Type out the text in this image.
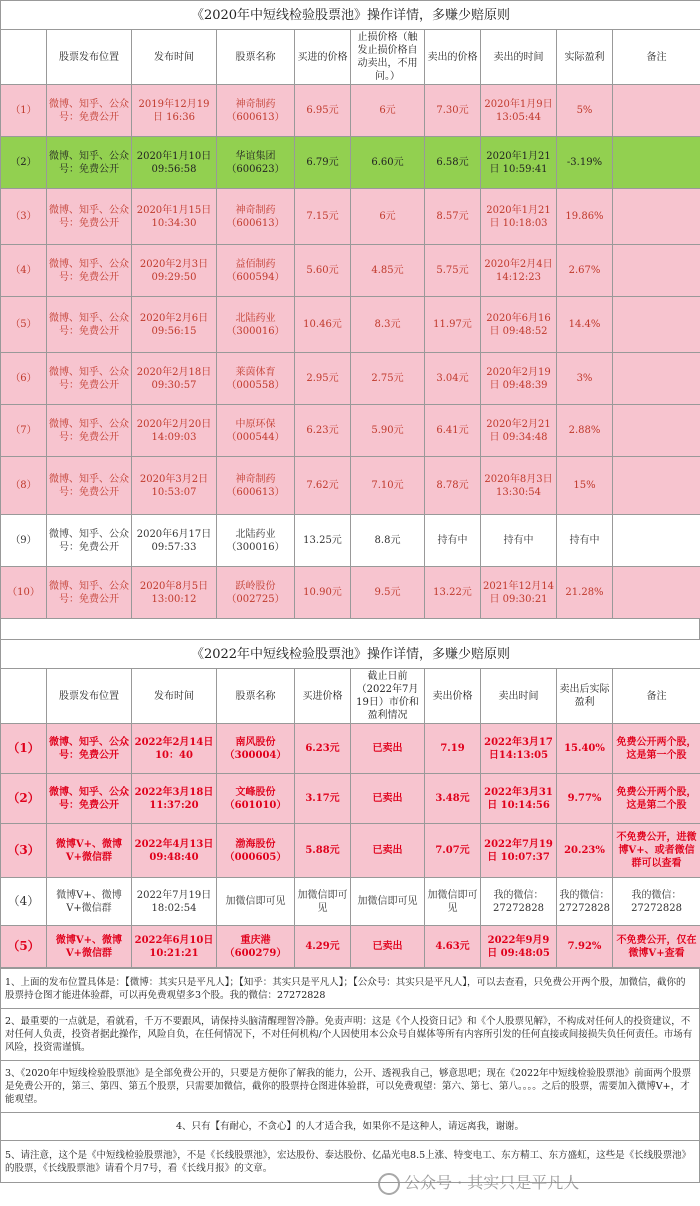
《2020年中短线检验股票池》操作详情，多赚少赔原则									
	股票发布位置	发布时间	股票名称	买进的价格	止损价格（触发止损价格自动卖出，不用问。）	卖出的价格	卖出的时间	实际盈利	备注
（1）	微博、知乎、公众号：免费公开	2019年12月19日 16:36	神奇制药 （600613）	6.95元	6元	7.30元	2020年1月9日 13:05:44	5%	
（2）	微博、知乎、公众号：免费公开	2020年1月10日 09:56:58	华谊集团 （600623）	6.79元	6.60元	6.58元	2020年1月21日 10:59:41	-3.19%	
（3）	微博、知乎、公众号：免费公开	2020年1月15日 10:34:30	神奇制药 （600613）	7.15元	6元	8.57元	2020年1月21日 10:18:03	19.86%	
（4）	微博、知乎、公众号：免费公开	2020年2月3日 09:29:50	益佰制药 （600594）	5.60元	4.85元	5.75元	2020年2月4日 14:12:23	2.67%	
（5）	微博、知乎、公众号：免费公开	2020年2月6日 09:56:15	北陆药业 （300016）	10.46元	8.3元	11.97元	2020年6月16日 09:48:52	14.4%	
（6）	微博、知乎、公众号：免费公开	2020年2月18日 09:30:57	莱茵体育 （000558）	2.95元	2.75元	3.04元	2020年2月19日 09:48:39	3%	
（7）	微博、知乎、公众号：免费公开	2020年2月20日 14:09:03	中原环保 （000544）	6.23元	5.90元	6.41元	2020年2月21日 09:34:48	2.88%	
（8）	微博、知乎、公众号：免费公开	2020年3月2日 10:53:07	神奇制药 （600613）	7.62元	7.10元	8.78元	2020年8月3日 13:30:54	15%	
（9）	微博、知乎、公众号：免费公开	2020年6月17日 09:57:33	北陆药业 （300016）	13.25元	8.8元	持有中	持有中	持有中	
（10）	微博、知乎、公众号：免费公开	2020年8月5日 13:00:12	跃岭股份 （002725）	10.90元	9.5元	13.22元	2021年12月14日 09:30:21	21.28%	
《2022年中短线检验股票池》操作详情，多赚少赔原则									
	股票发布位置	发布时间	股票名称	买进价格	截止日前（2022年7月19日）市价和盈利情况	卖出价格	卖出时间	卖出后实际盈利	备注
（1）	微博、知乎、公众号：免费公开	2022年2月14日 10：40	南风股份 （300004）	6.23元	已卖出	7.19	2022年3月17日14:13:05	15.40%	免费公开两个股，这是第一个股
（2）	微博、知乎、公众号：免费公开	2022年3月18日 11:37:20	文峰股份 （601010）	3.17元	已卖出	3.48元	2022年3月31日 10:14:56	9.77%	免费公开两个股，这是第二个股
（3）	微博V+、微博V+微信群	2022年4月13日 09:48:40	渤海股份 （000605）	5.88元	已卖出	7.07元	2022年7月19日 10:07:37	20.23%	不免费公开，进微博V+、或者微信群可以查看
（4）	微博V+、微博V+微信群	2022年7月19日 18:02:54	加微信即可见	加微信即可见	加微信即可见	加微信即可见	我的微信：27272828	我的微信：27272828	我的微信：27272828
（5）	微博V+、微博V+微信群	2022年6月10日 10:21:21	重庆港 （600279）	4.29元	已卖出	4.63元	2022年9月9日 09:48:05	7.92%	不免费公开，仅在微博V+查看
1、上面的发布位置具体是：【微博：其实只是平凡人】；【知乎：其实只是平凡人】；【公众号：其实只是平凡人】，可以去查看，只免费公开两个股，加微信，截你的股票持仓图才能进体验群，可以再免费观望多3个股。我的微信：27272828
2、最重要的一点就是，看就看，千万不要跟风，请保持头脑清醒理智冷静。免责声明：这是《个人投资日记》和《个人股票见解》，不构成对任何人的投资建议，不对任何人负责，投资者据此操作，风险自负，在任何情况下，不对任何机构/个人因使用本公众号自媒体等所有内容所引发的任何直接或间接损失负任何责任。市场有风险，投资需谨慎。
3、《2020年中短线检验股票池》是全部免费公开的，只要是方便你了解我的能力，公开、透视我自己，够意思吧；现在《2022年中短线检验股票池》前面两个股票是免费公开的，第三、第四、第五个股票，只需要加微信，截你的股票持仓图进体验群，可以免费观望：第六、第七、第八。。。。之后的股票，需要加入微博V+，才能观望。
4、只有【有耐心，不贪心】的人才适合我，如果你不是这种人，请远离我，谢谢。
5、请注意，这个是《中短线检验股票池》，不是《长线股票池》，宏达股份、泰达股份、亿晶光电8.5上涨、特变电工、东方精工、东方盛虹，这些是《长线股票池》的股票，《长线股票池》请看个月7号，看《长线月报》的文章。
公众号 · 其实只是平凡人
